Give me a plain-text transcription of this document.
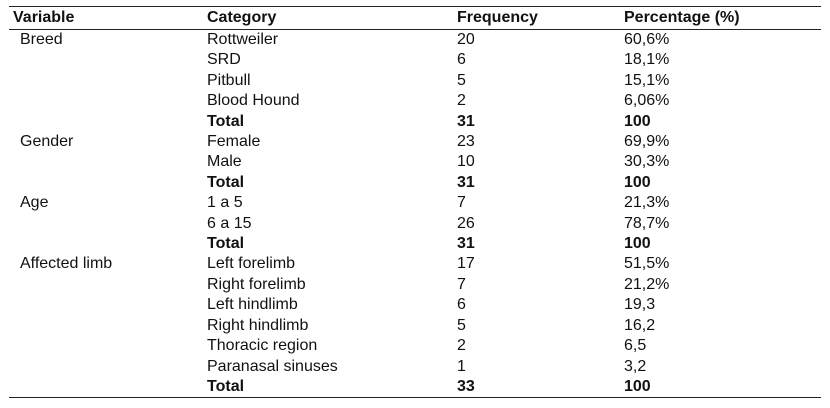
Variable	Category	Frequency	Percentage (%)
Breed	Rottweiler	20	60,6%
	SRD	6	18,1%
	Pitbull	5	15,1%
	Blood Hound	2	6,06%
	Total	31	100
Gender	Female	23	69,9%
	Male	10	30,3%
	Total	31	100
Age	1 a 5	7	21,3%
	6 a 15	26	78,7%
	Total	31	100
Affected limb	Left forelimb	17	51,5%
	Right forelimb	7	21,2%
	Left hindlimb	6	19,3
	Right hindlimb	5	16,2
	Thoracic region	2	6,5
	Paranasal sinuses	1	3,2
	Total	33	100
